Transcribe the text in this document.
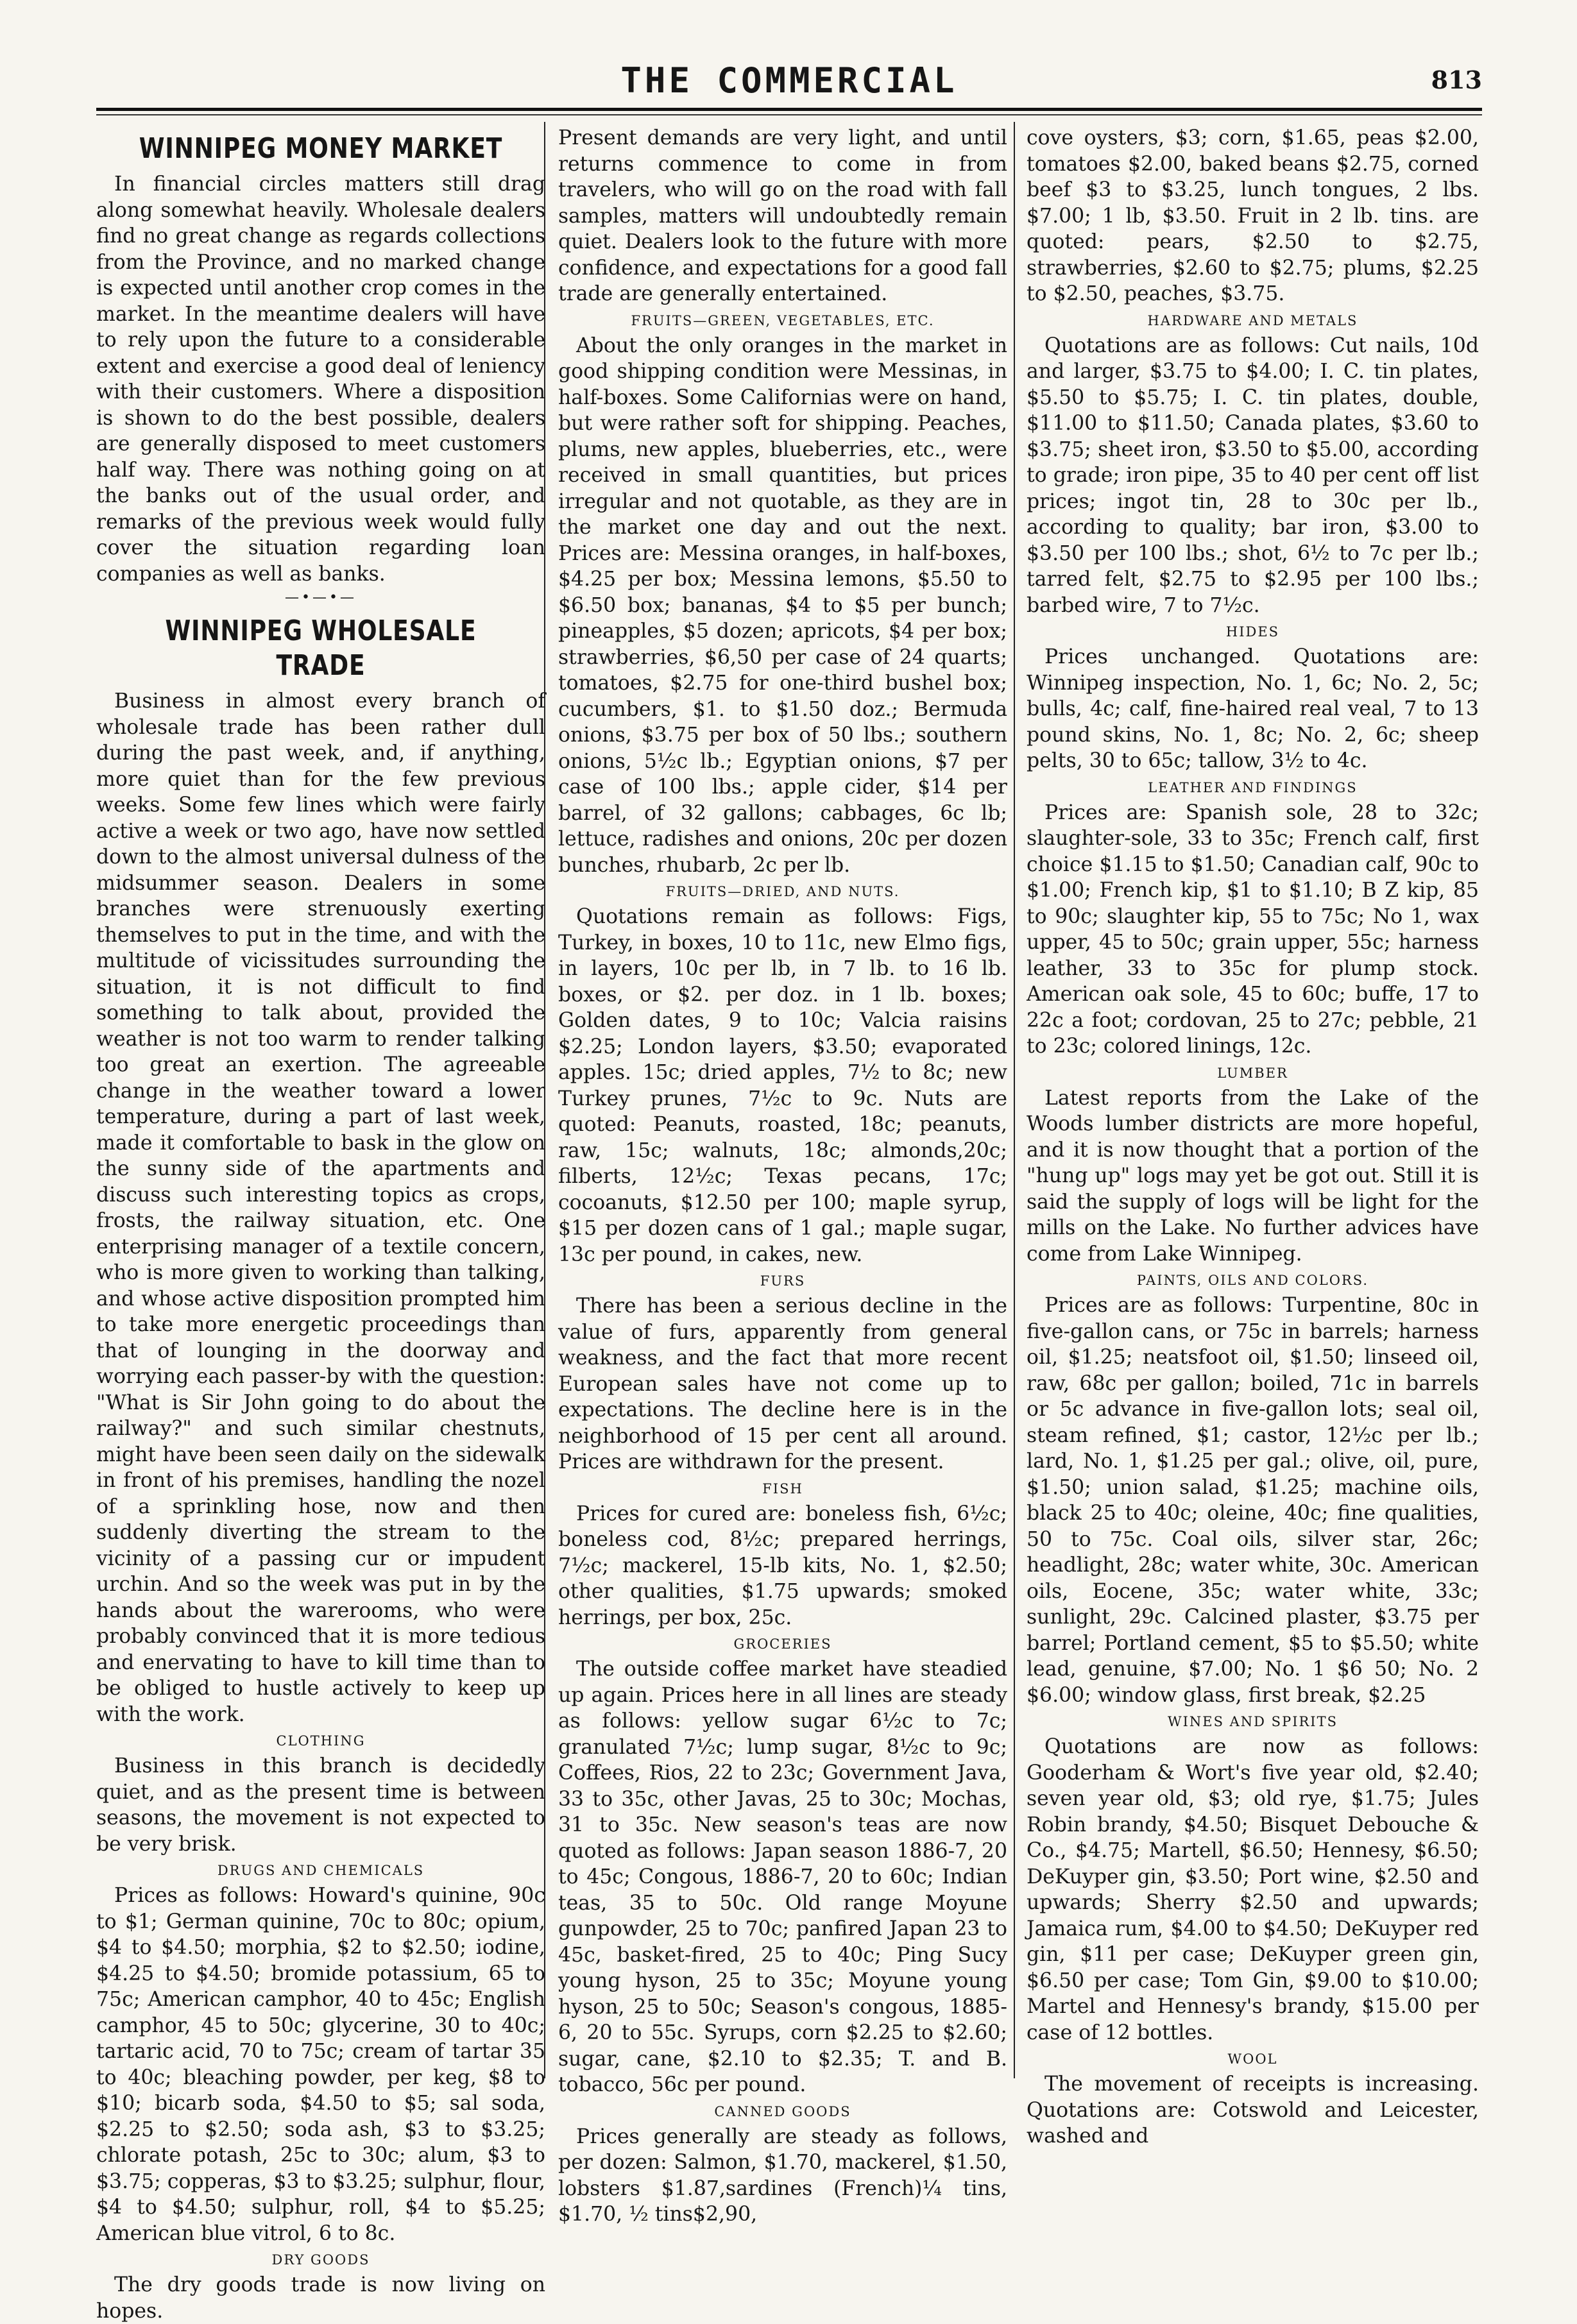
THE COMMERCIAL	813
WINNIPEG MONEY MARKET

In financial circles matters still drag along somewhat heavily. Wholesale dealers find no great change as regards collections from the Province, and no marked change is expected until another crop comes in the market. In the meantime dealers will have to rely upon the future to a considerable extent and exercise a good deal of leniency with their customers. Where a disposition is shown to do the best possible, dealers are generally disposed to meet customers half way. There was nothing going on at the banks out of the usual order, and remarks of the previous week would fully cover the situation regarding loan companies as well as banks.

—•—•—
WINNIPEG WHOLESALE TRADE

Business in almost every branch of wholesale trade has been rather dull during the past week, and, if anything, more quiet than for the few previous weeks. Some few lines which were fairly active a week or two ago, have now settled down to the almost universal dulness of the midsummer season. Dealers in some branches were strenuously exerting themselves to put in the time, and with the multitude of vicissitudes surrounding the situation, it is not difficult to find something to talk about, provided the weather is not too warm to render talking too great an exertion. The agreeable change in the weather toward a lower temperature, during a part of last week, made it comfortable to bask in the glow on the sunny side of the apartments and discuss such interesting topics as crops, frosts, the railway situation, etc. One enterprising manager of a textile concern, who is more given to working than talking, and whose active disposition prompted him to take more energetic proceedings than that of lounging in the doorway and worrying each passer-by with the question: "What is Sir John going to do about the railway?" and such similar chestnuts, might have been seen daily on the sidewalk in front of his premises, handling the nozel of a sprinkling hose, now and then suddenly diverting the stream to the vicinity of a passing cur or impudent urchin. And so the week was put in by the hands about the warerooms, who were probably convinced that it is more tedious and enervating to have to kill time than to be obliged to hustle actively to keep up with the work.

CLOTHING

Business in this branch is decidedly quiet, and as the present time is between seasons, the movement is not expected to be very brisk.

DRUGS AND CHEMICALS

Prices as follows: Howard's quinine, 90c to $1; German quinine, 70c to 80c; opium, $4 to $4.50; morphia, $2 to $2.50; iodine, $4.25 to $4.50; bromide potassium, 65 to 75c; American camphor, 40 to 45c; English camphor, 45 to 50c; glycerine, 30 to 40c; tartaric acid, 70 to 75c; cream of tartar 35 to 40c; bleaching powder, per keg, $8 to $10; bicarb soda, $4.50 to $5; sal soda, $2.25 to $2.50; soda ash, $3 to $3.25; chlorate potash, 25c to 30c; alum, $3 to $3.75; copperas, $3 to $3.25; sulphur, flour, $4 to $4.50; sulphur, roll, $4 to $5.25; American blue vitrol, 6 to 8c.

DRY GOODS

The dry goods trade is now living on hopes.

Present demands are very light, and until returns commence to come in from travelers, who will go on the road with fall samples, matters will undoubtedly remain quiet. Dealers look to the future with more confidence, and expectations for a good fall trade are generally entertained.

FRUITS—GREEN, VEGETABLES, ETC.

About the only oranges in the market in good shipping condition were Messinas, in half-boxes. Some Californias were on hand, but were rather soft for shipping. Peaches, plums, new apples, blueberries, etc., were received in small quantities, but prices irregular and not quotable, as they are in the market one day and out the next. Prices are: Messina oranges, in half-boxes, $4.25 per box; Messina lemons, $5.50 to $6.50 box; bananas, $4 to $5 per bunch; pineapples, $5 dozen; apricots, $4 per box; strawberries, $6,50 per case of 24 quarts; tomatoes, $2.75 for one-third bushel box; cucumbers, $1. to $1.50 doz.; Bermuda onions, $3.75 per box of 50 lbs.; southern onions, 5½c lb.; Egyptian onions, $7 per case of 100 lbs.; apple cider, $14 per barrel, of 32 gallons; cabbages, 6c lb; lettuce, radishes and onions, 20c per dozen bunches, rhubarb, 2c per lb.

FRUITS—DRIED, AND NUTS.

Quotations remain as follows: Figs, Turkey, in boxes, 10 to 11c, new Elmo figs, in layers, 10c per lb, in 7 lb. to 16 lb. boxes, or $2. per doz. in 1 lb. boxes; Golden dates, 9 to 10c; Valcia raisins $2.25; London layers, $3.50; evaporated apples. 15c; dried apples, 7½ to 8c; new Turkey prunes, 7½c to 9c. Nuts are quoted: Peanuts, roasted, 18c; peanuts, raw, 15c; walnuts, 18c; almonds,20c; filberts, 12½c; Texas pecans, 17c; cocoanuts, $12.50 per 100; maple syrup, $15 per dozen cans of 1 gal.; maple sugar, 13c per pound, in cakes, new.

FURS

There has been a serious decline in the value of furs, apparently from general weakness, and the fact that more recent European sales have not come up to expectations. The decline here is in the neighborhood of 15 per cent all around. Prices are withdrawn for the present.

FISH

Prices for cured are: boneless fish, 6½c; boneless cod, 8½c; prepared herrings, 7½c; mackerel, 15-lb kits, No. 1, $2.50; other qualities, $1.75 upwards; smoked herrings, per box, 25c.

GROCERIES

The outside coffee market have steadied up again. Prices here in all lines are steady as follows: yellow sugar 6½c to 7c; granulated 7½c; lump sugar, 8½c to 9c; Coffees, Rios, 22 to 23c; Government Java, 33 to 35c, other Javas, 25 to 30c; Mochas, 31 to 35c. New season's teas are now quoted as follows: Japan season 1886-7, 20 to 45c; Congous, 1886-7, 20 to 60c; Indian teas, 35 to 50c. Old range Moyune gunpowder, 25 to 70c; panfired Japan 23 to 45c, basket-fired, 25 to 40c; Ping Sucy young hyson, 25 to 35c; Moyune young hyson, 25 to 50c; Season's congous, 1885-6, 20 to 55c. Syrups, corn $2.25 to $2.60; sugar, cane, $2.10 to $2.35; T. and B. tobacco, 56c per pound.

CANNED GOODS

Prices generally are steady as follows, per dozen: Salmon, $1.70, mackerel, $1.50, lobsters $1.87,sardines (French)¼ tins, $1.70, ½ tins$2,90,

cove oysters, $3; corn, $1.65, peas $2.00, tomatoes $2.00, baked beans $2.75, corned beef $3 to $3.25, lunch tongues, 2 lbs. $7.00; 1 lb, $3.50. Fruit in 2 lb. tins. are quoted: pears, $2.50 to $2.75, strawberries, $2.60 to $2.75; plums, $2.25 to $2.50, peaches, $3.75.

HARDWARE AND METALS

Quotations are as follows: Cut nails, 10d and larger, $3.75 to $4.00; I. C. tin plates, $5.50 to $5.75; I. C. tin plates, double, $11.00 to $11.50; Canada plates, $3.60 to $3.75; sheet iron, $3.50 to $5.00, according to grade; iron pipe, 35 to 40 per cent off list prices; ingot tin, 28 to 30c per lb., according to quality; bar iron, $3.00 to $3.50 per 100 lbs.; shot, 6½ to 7c per lb.; tarred felt, $2.75 to $2.95 per 100 lbs.; barbed wire, 7 to 7½c.

HIDES

Prices unchanged. Quotations are: Winnipeg inspection, No. 1, 6c; No. 2, 5c; bulls, 4c; calf, fine-haired real veal, 7 to 13 pound skins, No. 1, 8c; No. 2, 6c; sheep pelts, 30 to 65c; tallow, 3½ to 4c.

LEATHER AND FINDINGS

Prices are: Spanish sole, 28 to 32c; slaughter-sole, 33 to 35c; French calf, first choice $1.15 to $1.50; Canadian calf, 90c to $1.00; French kip, $1 to $1.10; B Z kip, 85 to 90c; slaughter kip, 55 to 75c; No 1, wax upper, 45 to 50c; grain upper, 55c; harness leather, 33 to 35c for plump stock. American oak sole, 45 to 60c; buffe, 17 to 22c a foot; cordovan, 25 to 27c; pebble, 21 to 23c; colored linings, 12c.

LUMBER

Latest reports from the Lake of the Woods lumber districts are more hopeful, and it is now thought that a portion of the "hung up" logs may yet be got out. Still it is said the supply of logs will be light for the mills on the Lake. No further advices have come from Lake Winnipeg.

PAINTS, OILS AND COLORS.

Prices are as follows: Turpentine, 80c in five-gallon cans, or 75c in barrels; harness oil, $1.25; neatsfoot oil, $1.50; linseed oil, raw, 68c per gallon; boiled, 71c in barrels or 5c advance in five-gallon lots; seal oil, steam refined, $1; castor, 12½c per lb.; lard, No. 1, $1.25 per gal.; olive, oil, pure, $1.50; union salad, $1.25; machine oils, black 25 to 40c; oleine, 40c; fine qualities, 50 to 75c. Coal oils, silver star, 26c; headlight, 28c; water white, 30c. American oils, Eocene, 35c; water white, 33c; sunlight, 29c. Calcined plaster, $3.75 per barrel; Portland cement, $5 to $5.50; white lead, genuine, $7.00; No. 1 $6 50; No. 2 $6.00; window glass, first break, $2.25

WINES AND SPIRITS

Quotations are now as follows: Gooderham & Wort's five year old, $2.40; seven year old, $3; old rye, $1.75; Jules Robin brandy, $4.50; Bisquet Debouche & Co., $4.75; Martell, $6.50; Hennesy, $6.50; DeKuyper gin, $3.50; Port wine, $2.50 and upwards; Sherry $2.50 and upwards; Jamaica rum, $4.00 to $4.50; DeKuyper red gin, $11 per case; DeKuyper green gin, $6.50 per case; Tom Gin, $9.00 to $10.00; Martel and Hennesy's brandy, $15.00 per case of 12 bottles.

WOOL

The movement of receipts is increasing. Quotations are: Cotswold and Leicester, washed and
